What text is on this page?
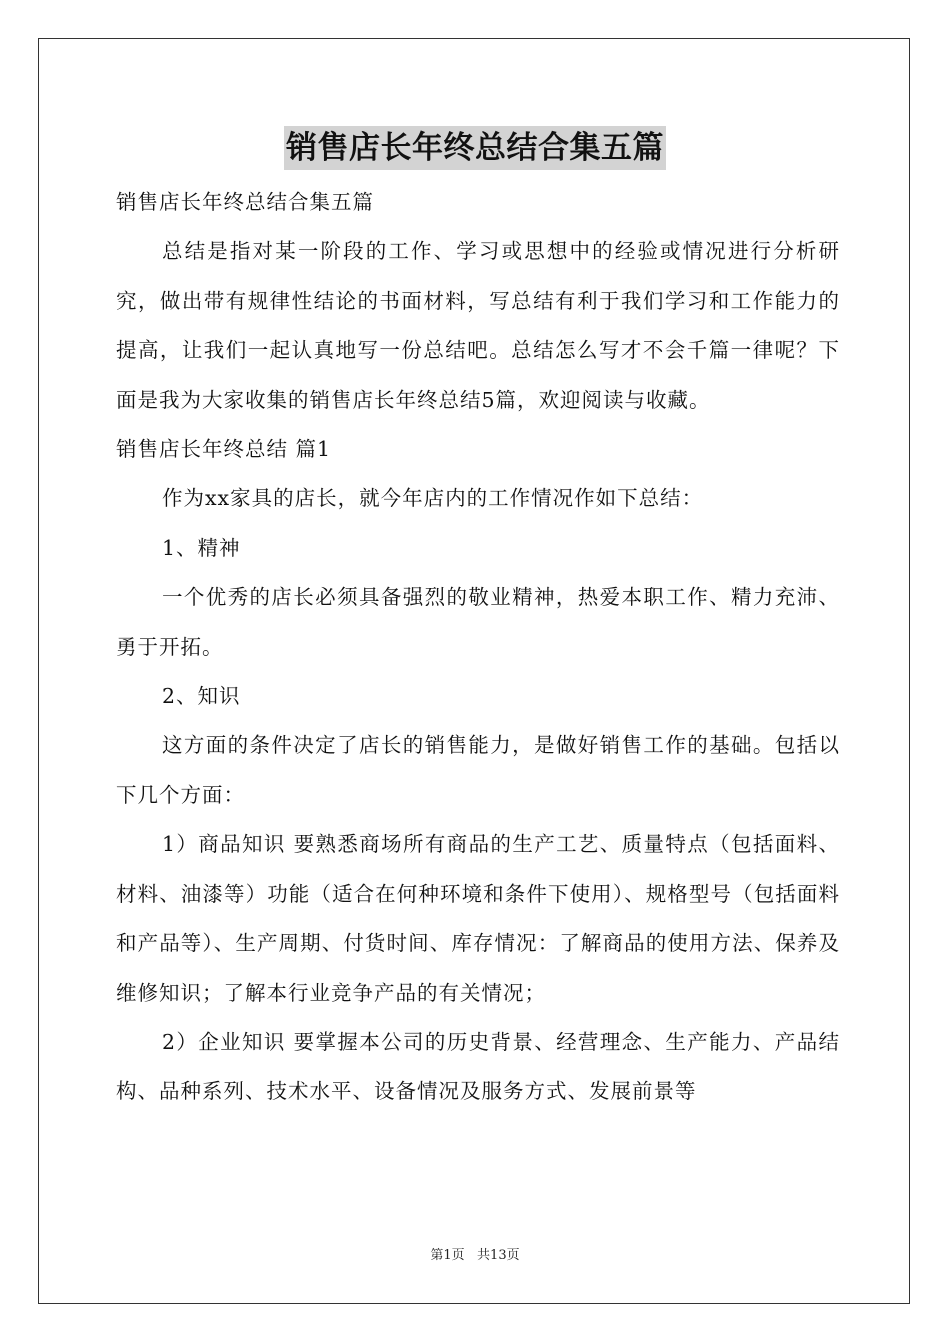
销售店长年终总结合集五篇

销售店长年终总结合集五篇

总结是指对某一阶段的工作、学习或思想中的经验或情况进行分析研究，做出带有规律性结论的书面材料，写总结有利于我们学习和工作能力的提高，让我们一起认真地写一份总结吧。总结怎么写才不会千篇一律呢？下面是我为大家收集的销售店长年终总结5篇，欢迎阅读与收藏。

销售店长年终总结 篇1

作为xx家具的店长，就今年店内的工作情况作如下总结：

1、精神

一个优秀的店长必须具备强烈的敬业精神，热爱本职工作、精力充沛、勇于开拓。

2、知识

这方面的条件决定了店长的销售能力，是做好销售工作的基础。包括以下几个方面：

1）商品知识 要熟悉商场所有商品的生产工艺、质量特点（包括面料、材料、油漆等）功能（适合在何种环境和条件下使用）、规格型号（包括面料和产品等）、生产周期、付货时间、库存情况：了解商品的使用方法、保养及维修知识；了解本行业竞争产品的有关情况；

2）企业知识 要掌握本公司的历史背景、经营理念、生产能力、产品结构、品种系列、技术水平、设备情况及服务方式、发展前景等

第1页   共13页
